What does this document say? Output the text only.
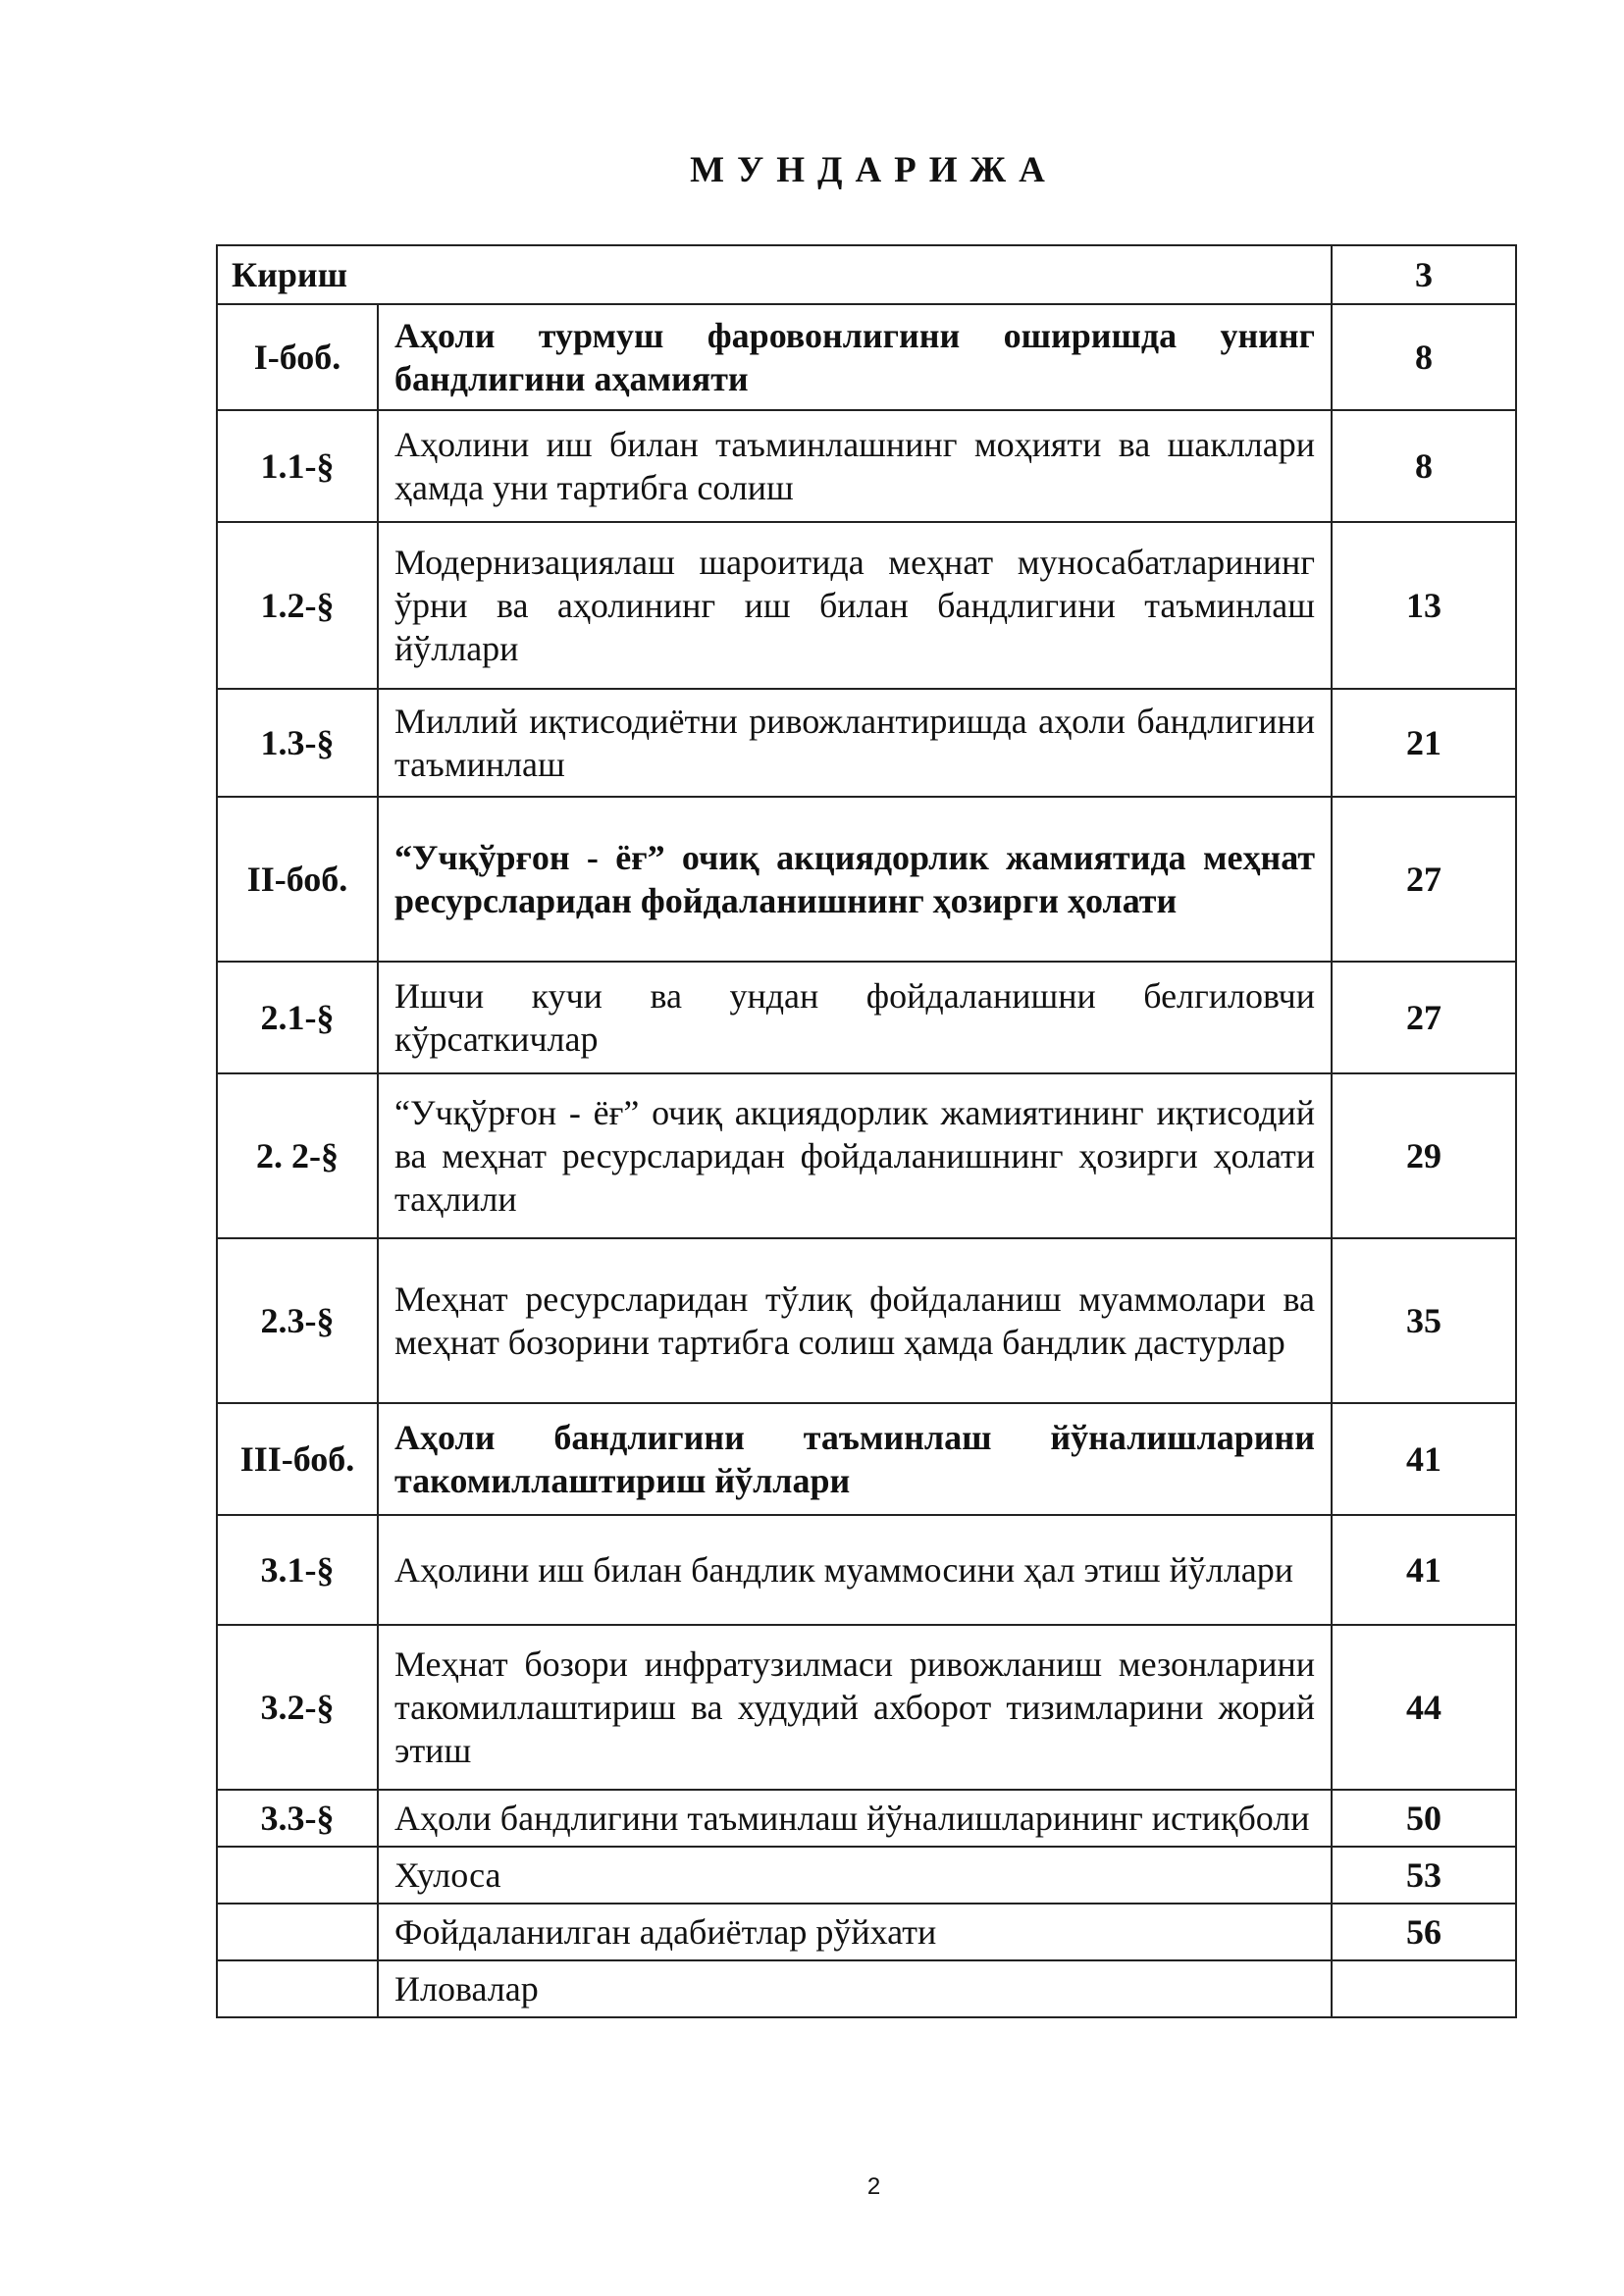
МУНДАРИЖА
Кириш		3
I-боб.	Аҳоли турмуш фаровонлигини оширишда унинг бандлигини аҳамияти	8
1.1-§	Аҳолини иш билан таъминлашнинг моҳияти ва шакллари ҳамда уни тартибга солиш	8
1.2-§	Модернизациялаш шароитида меҳнат муносабатларининг ўрни ва аҳолининг иш билан бандлигини таъминлаш йўллари	13
1.3-§	Миллий иқтисодиётни ривожлантиришда аҳоли бандлигини таъминлаш	21
II-боб.	“Учқўрғон - ёғ” очиқ акциядорлик жамиятида меҳнат ресурсларидан фойдаланишнинг ҳозирги ҳолати	27
2.1-§	Ишчи кучи ва ундан фойдаланишни белгиловчи кўрсаткичлар	27
2. 2-§	“Учқўрғон - ёғ” очиқ акциядорлик жамиятининг иқтисодий ва меҳнат ресурсларидан фойдаланишнинг ҳозирги ҳолати таҳлили	29
2.3-§	Меҳнат ресурсларидан тўлиқ фойдаланиш муаммолари ва меҳнат бозорини тартибга солиш ҳамда бандлик дастурлар	35
III-боб.	Аҳоли бандлигини таъминлаш йўналишларини такомиллаштириш йўллари	41
3.1-§	Аҳолини иш билан бандлик муаммосини ҳал этиш йўллари	41
3.2-§	Меҳнат бозори инфратузилмаси ривожланиш мезонларини такомиллаштириш ва худудий ахборот тизимларини жорий этиш	44
3.3-§	Аҳоли бандлигини таъминлаш йўналишларининг истиқболи	50
	Хулоса	53
	Фойдаланилган адабиётлар рўйхати	56
	Иловалар	
2
